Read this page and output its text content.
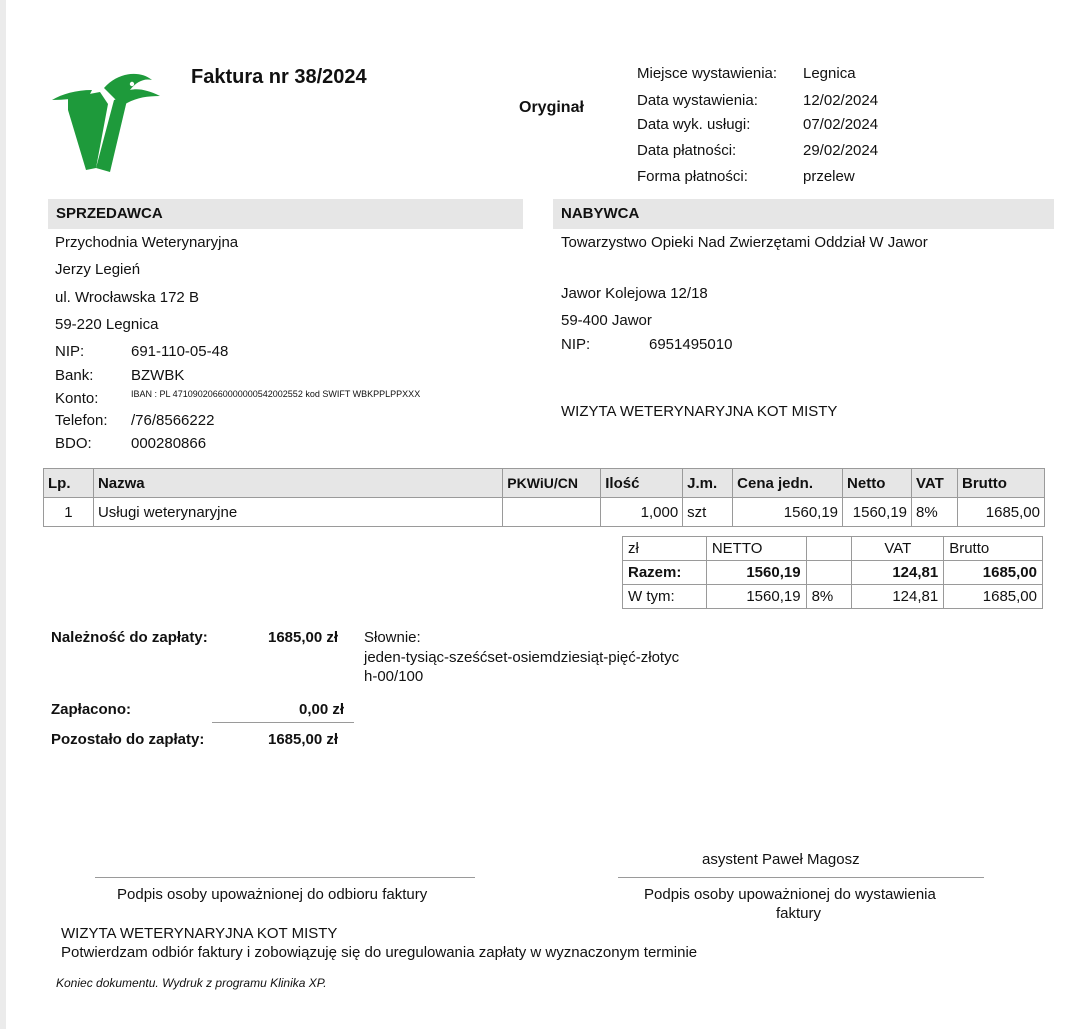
Faktura nr 38/2024
Oryginał
Miejsce wystawienia: Legnica
Data wystawienia:	12/02/2024
Data wyk. usługi:	07/02/2024
Data płatności:	29/02/2024
Forma płatności:	przelew
SPRZEDAWCA	NABYWCA
Przychodnia Weterynaryjna
Jerzy Legień
ul. Wrocławska 172 B
59-220 Legnica
NIP:	691-110-05-48
Bank:	BZWBK
Konto:	IBAN : PL 47109020660000000542002552 kod SWIFT WBKPPLPPXXX
Telefon: /76/8566222
BDO:	000280866
Towarzystwo Opieki Nad Zwierzętami Oddział W Jawor
Jawor Kolejowa 12/18
59-400 Jawor
NIP:	6951495010
WIZYTA WETERYNARYJNA KOT MISTY
Lp.	Nazwa	PKWiU/CN	Ilość	J.m.	Cena jedn.	Netto	VAT	Brutto
1	Usługi weterynaryjne		1,000	szt	1560,19	1560,19	8%	1685,00
zł	NETTO		VAT	Brutto
Razem:	1560,19		124,81	1685,00
W tym:	1560,19	8%	124,81	1685,00
Należność do zapłaty:	1685,00 zł Słownie:
jeden-tysiąc-sześćset-osiemdziesiąt-pięć-złotyc
h-00/100
Zapłacono:	0,00 zł
Pozostało do zapłaty:	1685,00 zł
asystent Paweł Magosz
Podpis osoby upoważnionej do odbioru faktury	Podpis osoby upoważnionej do wystawienia
faktury
WIZYTA WETERYNARYJNA KOT MISTY
Potwierdzam odbiór faktury i zobowiązuję się do uregulowania zapłaty w wyznaczonym terminie
Koniec dokumentu. Wydruk z programu Klinika XP.
